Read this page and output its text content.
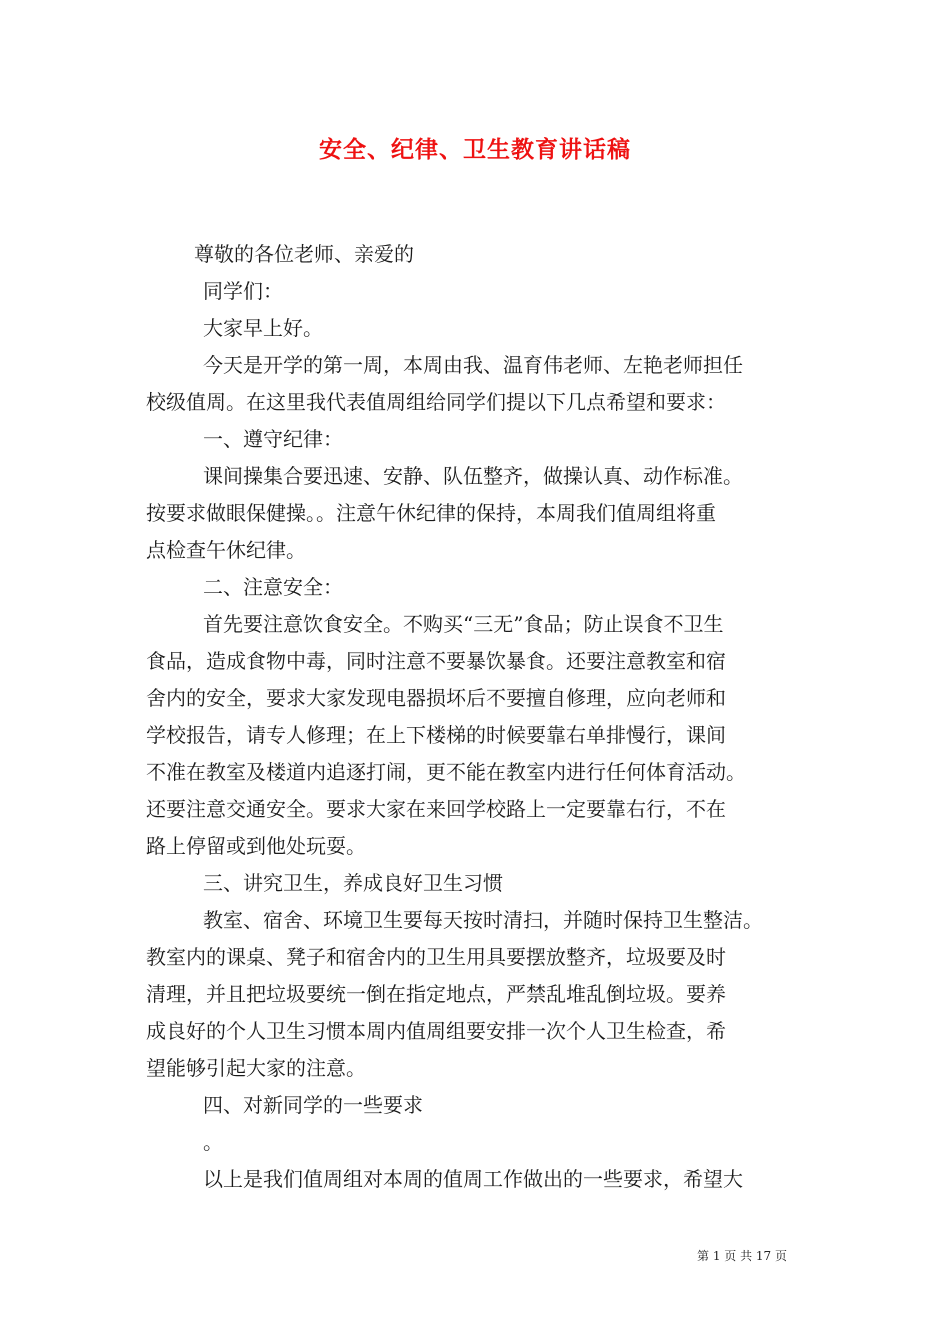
安全、纪律、卫生教育讲话稿
尊敬的各位老师、亲爱的
同学们：
大家早上好。
今天是开学的第一周，本周由我、温育伟老师、左艳老师担任
校级值周。在这里我代表值周组给同学们提以下几点希望和要求：
一、遵守纪律：
课间操集合要迅速、安静、队伍整齐，做操认真、动作标准。
按要求做眼保健操。。注意午休纪律的保持，本周我们值周组将重
点检查午休纪律。
二、注意安全：
首先要注意饮食安全。不购买“三无”食品；防止误食不卫生
食品，造成食物中毒，同时注意不要暴饮暴食。还要注意教室和宿
舍内的安全，要求大家发现电器损坏后不要擅自修理，应向老师和
学校报告，请专人修理；在上下楼梯的时候要靠右单排慢行，课间
不准在教室及楼道内追逐打闹，更不能在教室内进行任何体育活动。
还要注意交通安全。要求大家在来回学校路上一定要靠右行，不在
路上停留或到他处玩耍。
三、讲究卫生，养成良好卫生习惯
教室、宿舍、环境卫生要每天按时清扫，并随时保持卫生整洁。
教室内的课桌、凳子和宿舍内的卫生用具要摆放整齐，垃圾要及时
清理，并且把垃圾要统一倒在指定地点，严禁乱堆乱倒垃圾。要养
成良好的个人卫生习惯本周内值周组要安排一次个人卫生检查，希
望能够引起大家的注意。
四、对新同学的一些要求
。
以上是我们值周组对本周的值周工作做出的一些要求，希望大
第 1 页 共 17 页
